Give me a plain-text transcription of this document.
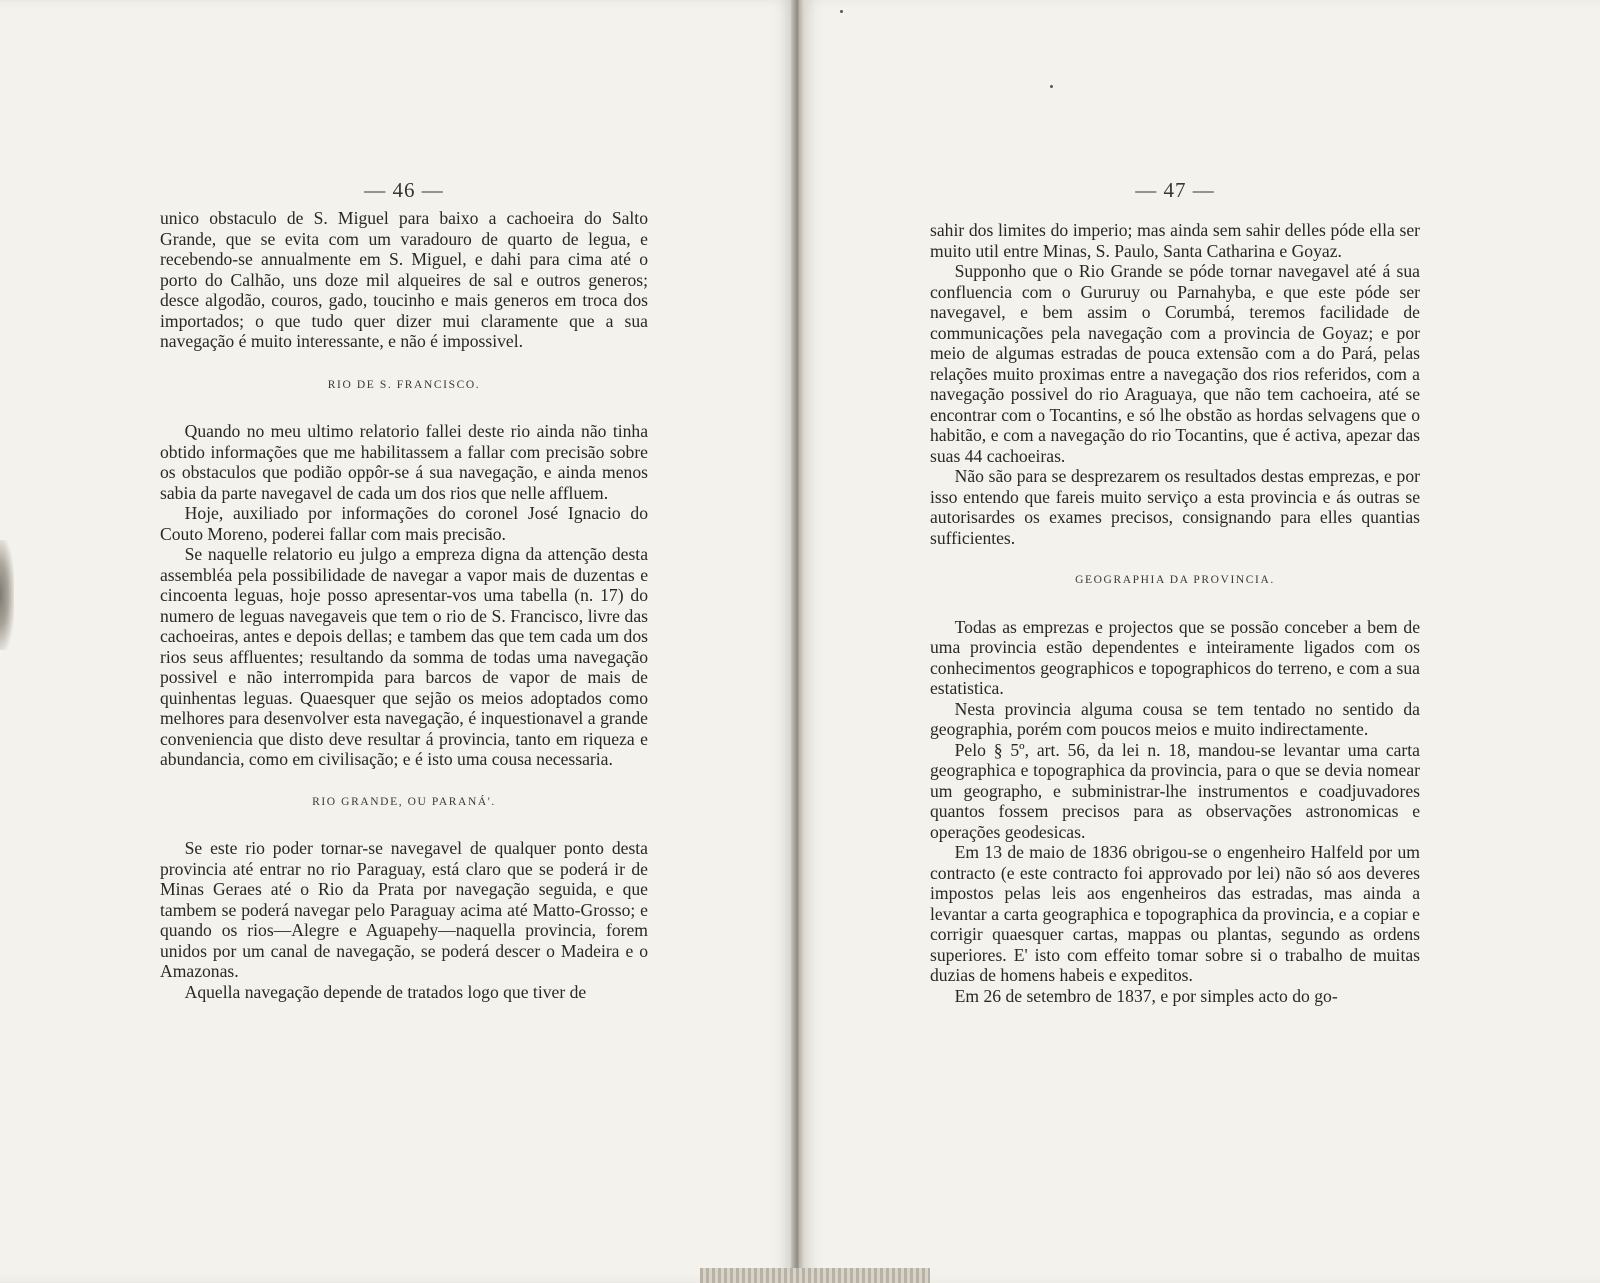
— 46 —

unico obstaculo de S. Miguel para baixo a cachoeira do Salto Grande, que se evita com um varadouro de quarto de legua, e recebendo-se annualmente em S. Miguel, e dahi para cima até o porto do Calhão, uns doze mil alqueires de sal e outros generos; desce algodão, couros, gado, toucinho e mais generos em troca dos importados; o que tudo quer dizer mui claramente que a sua navegação é muito interessante, e não é impossivel.

RIO DE S. FRANCISCO.

Quando no meu ultimo relatorio fallei deste rio ainda não tinha obtido informações que me habilitassem a fallar com precisão sobre os obstaculos que podião oppôr-se á sua navegação, e ainda menos sabia da parte navegavel de cada um dos rios que nelle affluem.

Hoje, auxiliado por informações do coronel José Ignacio do Couto Moreno, poderei fallar com mais precisão.

Se naquelle relatorio eu julgo a empreza digna da attenção desta assembléa pela possibilidade de navegar a vapor mais de duzentas e cincoenta leguas, hoje posso apresentar-vos uma tabella (n. 17) do numero de leguas navegaveis que tem o rio de S. Francisco, livre das cachoeiras, antes e depois dellas; e tambem das que tem cada um dos rios seus affluentes; resultando da somma de todas uma navegação possivel e não interrompida para barcos de vapor de mais de quinhentas leguas. Quaesquer que sejão os meios adoptados como melhores para desenvolver esta navegação, é inquestionavel a grande conveniencia que disto deve resultar á provincia, tanto em riqueza e abundancia, como em civilisação; e é isto uma cousa necessaria.

RIO GRANDE, OU PARANÁ'.

Se este rio poder tornar-se navegavel de qualquer ponto desta provincia até entrar no rio Paraguay, está claro que se poderá ir de Minas Geraes até o Rio da Prata por navegação seguida, e que tambem se poderá navegar pelo Paraguay acima até Matto-Grosso; e quando os rios—Alegre e Aguapehy—naquella provincia, forem unidos por um canal de navegação, se poderá descer o Madeira e o Amazonas.

Aquella navegação depende de tratados logo que tiver de

— 47 —

sahir dos limites do imperio; mas ainda sem sahir delles póde ella ser muito util entre Minas, S. Paulo, Santa Catharina e Goyaz.

Supponho que o Rio Grande se póde tornar navegavel até á sua confluencia com o Gururuy ou Parnahyba, e que este póde ser navegavel, e bem assim o Corumbá, teremos facilidade de communicações pela navegação com a provincia de Goyaz; e por meio de algumas estradas de pouca extensão com a do Pará, pelas relações muito proximas entre a navegação dos rios referidos, com a navegação possivel do rio Araguaya, que não tem cachoeira, até se encontrar com o Tocantins, e só lhe obstão as hordas selvagens que o habitão, e com a navegação do rio Tocantins, que é activa, apezar das suas 44 cachoeiras.

Não são para se desprezarem os resultados destas emprezas, e por isso entendo que fareis muito serviço a esta provincia e ás outras se autorisardes os exames precisos, consignando para elles quantias sufficientes.

GEOGRAPHIA DA PROVINCIA.

Todas as emprezas e projectos que se possão conceber a bem de uma provincia estão dependentes e inteiramente ligados com os conhecimentos geographicos e topographicos do terreno, e com a sua estatistica.

Nesta provincia alguma cousa se tem tentado no sentido da geographia, porém com poucos meios e muito indirectamente.

Pelo § 5º, art. 56, da lei n. 18, mandou-se levantar uma carta geographica e topographica da provincia, para o que se devia nomear um geographo, e subministrar-lhe instrumentos e coadjuvadores quantos fossem precisos para as observações astronomicas e operações geodesicas.

Em 13 de maio de 1836 obrigou-se o engenheiro Halfeld por um contracto (e este contracto foi approvado por lei) não só aos deveres impostos pelas leis aos engenheiros das estradas, mas ainda a levantar a carta geographica e topographica da provincia, e a copiar e corrigir quaesquer cartas, mappas ou plantas, segundo as ordens superiores. E' isto com effeito tomar sobre si o trabalho de muitas duzias de homens habeis e expeditos.

Em 26 de setembro de 1837, e por simples acto do go-
